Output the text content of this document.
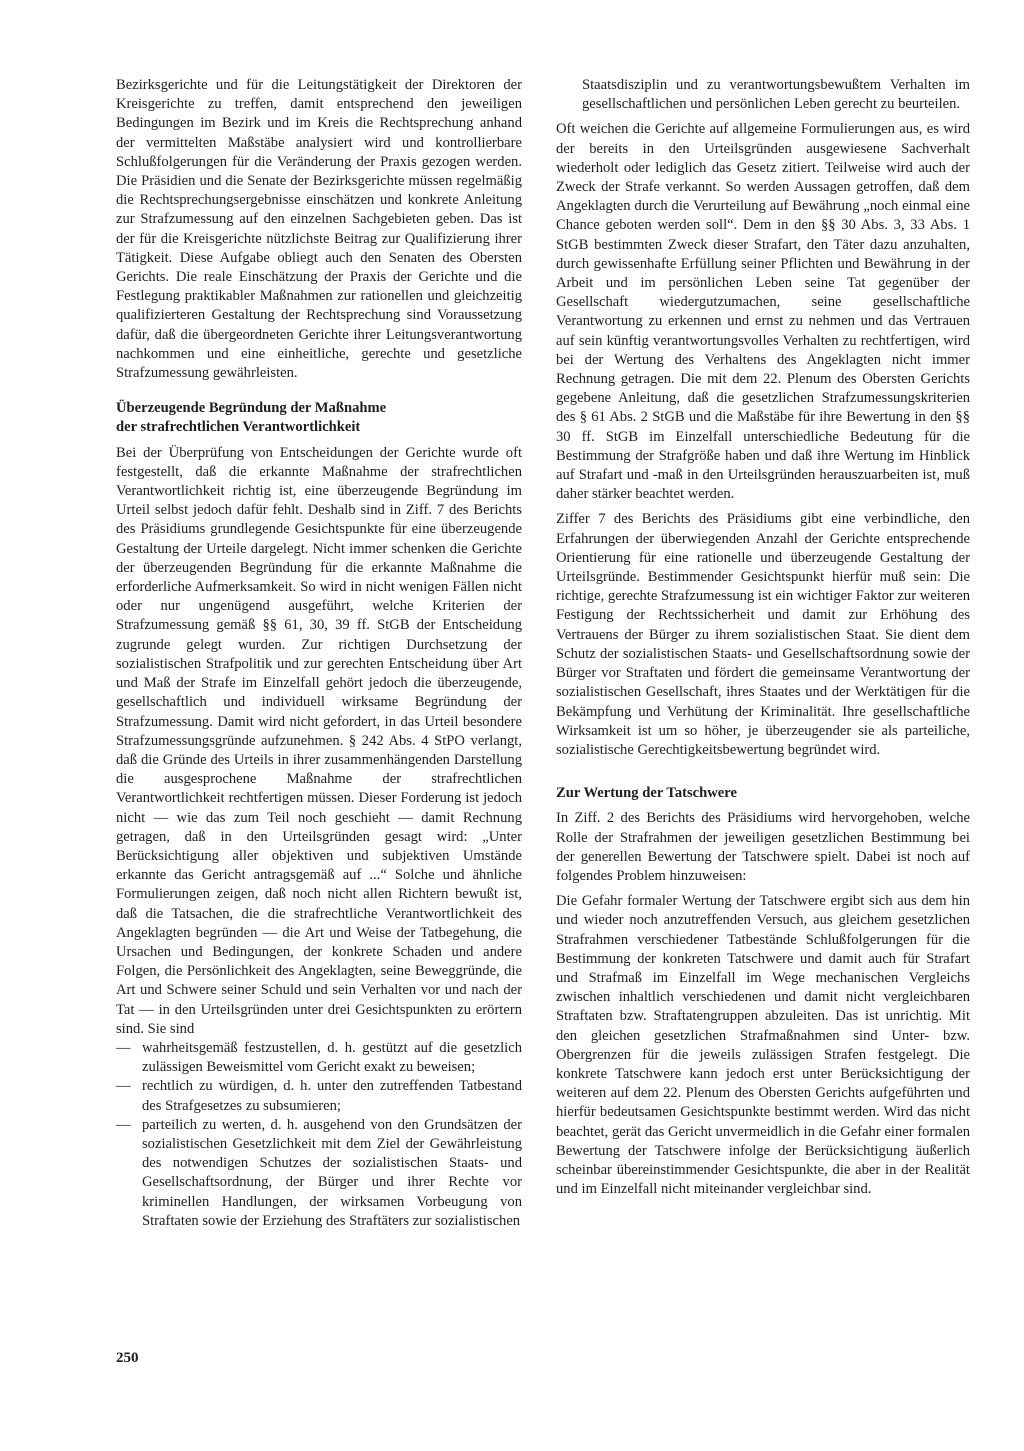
Bezirksgerichte und für die Leitungstätigkeit der Direktoren der Kreisgerichte zu treffen, damit entsprechend den jeweiligen Bedingungen im Bezirk und im Kreis die Rechtsprechung anhand der vermittelten Maßstäbe analysiert wird und kontrollierbare Schlußfolgerungen für die Veränderung der Praxis gezogen werden. Die Präsidien und die Senate der Bezirksgerichte müssen regelmäßig die Rechtsprechungsergebnisse einschätzen und konkrete Anleitung zur Strafzumessung auf den einzelnen Sachgebieten geben. Das ist der für die Kreisgerichte nützlichste Beitrag zur Qualifizierung ihrer Tätigkeit. Diese Aufgabe obliegt auch den Senaten des Obersten Gerichts. Die reale Einschätzung der Praxis der Gerichte und die Festlegung praktikabler Maßnahmen zur rationellen und gleichzeitig qualifizierteren Gestaltung der Rechtsprechung sind Voraussetzung dafür, daß die übergeordneten Gerichte ihrer Leitungsverantwortung nachkommen und eine einheitliche, gerechte und gesetzliche Strafzumessung gewährleisten.

Überzeugende Begründung der Maßnahme
der strafrechtlichen Verantwortlichkeit

Bei der Überprüfung von Entscheidungen der Gerichte wurde oft festgestellt, daß die erkannte Maßnahme der strafrechtlichen Verantwortlichkeit richtig ist, eine überzeugende Begründung im Urteil selbst jedoch dafür fehlt. Deshalb sind in Ziff. 7 des Berichts des Präsidiums grundlegende Gesichtspunkte für eine überzeugende Gestaltung der Urteile dargelegt. Nicht immer schenken die Gerichte der überzeugenden Begründung für die erkannte Maßnahme die erforderliche Aufmerksamkeit. So wird in nicht wenigen Fällen nicht oder nur ungenügend ausgeführt, welche Kriterien der Strafzumessung gemäß §§ 61, 30, 39 ff. StGB der Entscheidung zugrunde gelegt wurden. Zur richtigen Durchsetzung der sozialistischen Strafpolitik und zur gerechten Entscheidung über Art und Maß der Strafe im Einzelfall gehört jedoch die überzeugende, gesellschaftlich und individuell wirksame Begründung der Strafzumessung. Damit wird nicht gefordert, in das Urteil besondere Strafzumessungsgründe aufzunehmen. § 242 Abs. 4 StPO verlangt, daß die Gründe des Urteils in ihrer zusammenhängenden Darstellung die ausgesprochene Maßnahme der strafrechtlichen Verantwortlichkeit rechtfertigen müssen. Dieser Forderung ist jedoch nicht — wie das zum Teil noch geschieht — damit Rechnung getragen, daß in den Urteilsgründen gesagt wird: „Unter Berücksichtigung aller objektiven und subjektiven Umstände erkannte das Gericht antragsgemäß auf ...“ Solche und ähnliche Formulierungen zeigen, daß noch nicht allen Richtern bewußt ist, daß die Tatsachen, die die strafrechtliche Verantwortlichkeit des Angeklagten begründen — die Art und Weise der Tatbegehung, die Ursachen und Bedingungen, der konkrete Schaden und andere Folgen, die Persönlichkeit des Angeklagten, seine Beweggründe, die Art und Schwere seiner Schuld und sein Verhalten vor und nach der Tat — in den Urteilsgründen unter drei Gesichtspunkten zu erörtern sind. Sie sind

— wahrheitsgemäß festzustellen, d. h. gestützt auf die gesetzlich zulässigen Beweismittel vom Gericht exakt zu beweisen;
— rechtlich zu würdigen, d. h. unter den zutreffenden Tatbestand des Strafgesetzes zu subsumieren;
— parteilich zu werten, d. h. ausgehend von den Grundsätzen der sozialistischen Gesetzlichkeit mit dem Ziel der Gewährleistung des notwendigen Schutzes der sozialistischen Staats- und Gesellschaftsordnung, der Bürger und ihrer Rechte vor kriminellen Handlungen, der wirksamen Vorbeugung von Straftaten sowie der Erziehung des Straftäters zur sozialistischen
Staatsdisziplin und zu verantwortungsbewußtem Verhalten im gesellschaftlichen und persönlichen Leben gerecht zu beurteilen.

Oft weichen die Gerichte auf allgemeine Formulierungen aus, es wird der bereits in den Urteilsgründen ausgewiesene Sachverhalt wiederholt oder lediglich das Gesetz zitiert. Teilweise wird auch der Zweck der Strafe verkannt. So werden Aussagen getroffen, daß dem Angeklagten durch die Verurteilung auf Bewährung „noch einmal eine Chance geboten werden soll“. Dem in den §§ 30 Abs. 3, 33 Abs. 1 StGB bestimmten Zweck dieser Strafart, den Täter dazu anzuhalten, durch gewissenhafte Erfüllung seiner Pflichten und Bewährung in der Arbeit und im persönlichen Leben seine Tat gegenüber der Gesellschaft wiedergutzumachen, seine gesellschaftliche Verantwortung zu erkennen und ernst zu nehmen und das Vertrauen auf sein künftig verantwortungsvolles Verhalten zu rechtfertigen, wird bei der Wertung des Verhaltens des Angeklagten nicht immer Rechnung getragen. Die mit dem 22. Plenum des Obersten Gerichts gegebene Anleitung, daß die gesetzlichen Strafzumessungskriterien des § 61 Abs. 2 StGB und die Maßstäbe für ihre Bewertung in den §§ 30 ff. StGB im Einzelfall unterschiedliche Bedeutung für die Bestimmung der Strafgröße haben und daß ihre Wertung im Hinblick auf Strafart und -maß in den Urteilsgründen herauszuarbeiten ist, muß daher stärker beachtet werden.

Ziffer 7 des Berichts des Präsidiums gibt eine verbindliche, den Erfahrungen der überwiegenden Anzahl der Gerichte entsprechende Orientierung für eine rationelle und überzeugende Gestaltung der Urteilsgründe. Bestimmender Gesichtspunkt hierfür muß sein: Die richtige, gerechte Strafzumessung ist ein wichtiger Faktor zur weiteren Festigung der Rechtssicherheit und damit zur Erhöhung des Vertrauens der Bürger zu ihrem sozialistischen Staat. Sie dient dem Schutz der sozialistischen Staats- und Gesellschaftsordnung sowie der Bürger vor Straftaten und fördert die gemeinsame Verantwortung der sozialistischen Gesellschaft, ihres Staates und der Werktätigen für die Bekämpfung und Verhütung der Kriminalität. Ihre gesellschaftliche Wirksamkeit ist um so höher, je überzeugender sie als parteiliche, sozialistische Gerechtigkeitsbewertung begründet wird.

Zur Wertung der Tatschwere

In Ziff. 2 des Berichts des Präsidiums wird hervorgehoben, welche Rolle der Strafrahmen der jeweiligen gesetzlichen Bestimmung bei der generellen Bewertung der Tatschwere spielt. Dabei ist noch auf folgendes Problem hinzuweisen:

Die Gefahr formaler Wertung der Tatschwere ergibt sich aus dem hin und wieder noch anzutreffenden Versuch, aus gleichem gesetzlichen Strafrahmen verschiedener Tatbestände Schlußfolgerungen für die Bestimmung der konkreten Tatschwere und damit auch für Strafart und Strafmaß im Einzelfall im Wege mechanischen Vergleichs zwischen inhaltlich verschiedenen und damit nicht vergleichbaren Straftaten bzw. Straftatengruppen abzuleiten. Das ist unrichtig. Mit den gleichen gesetzlichen Strafmaßnahmen sind Unter- bzw. Obergrenzen für die jeweils zulässigen Strafen festgelegt. Die konkrete Tatschwere kann jedoch erst unter Berücksichtigung der weiteren auf dem 22. Plenum des Obersten Gerichts aufgeführten und hierfür bedeutsamen Gesichtspunkte bestimmt werden. Wird das nicht beachtet, gerät das Gericht unvermeidlich in die Gefahr einer formalen Bewertung der Tatschwere infolge der Berücksichtigung äußerlich scheinbar übereinstimmender Gesichtspunkte, die aber in der Realität und im Einzelfall nicht miteinander vergleichbar sind.

250
